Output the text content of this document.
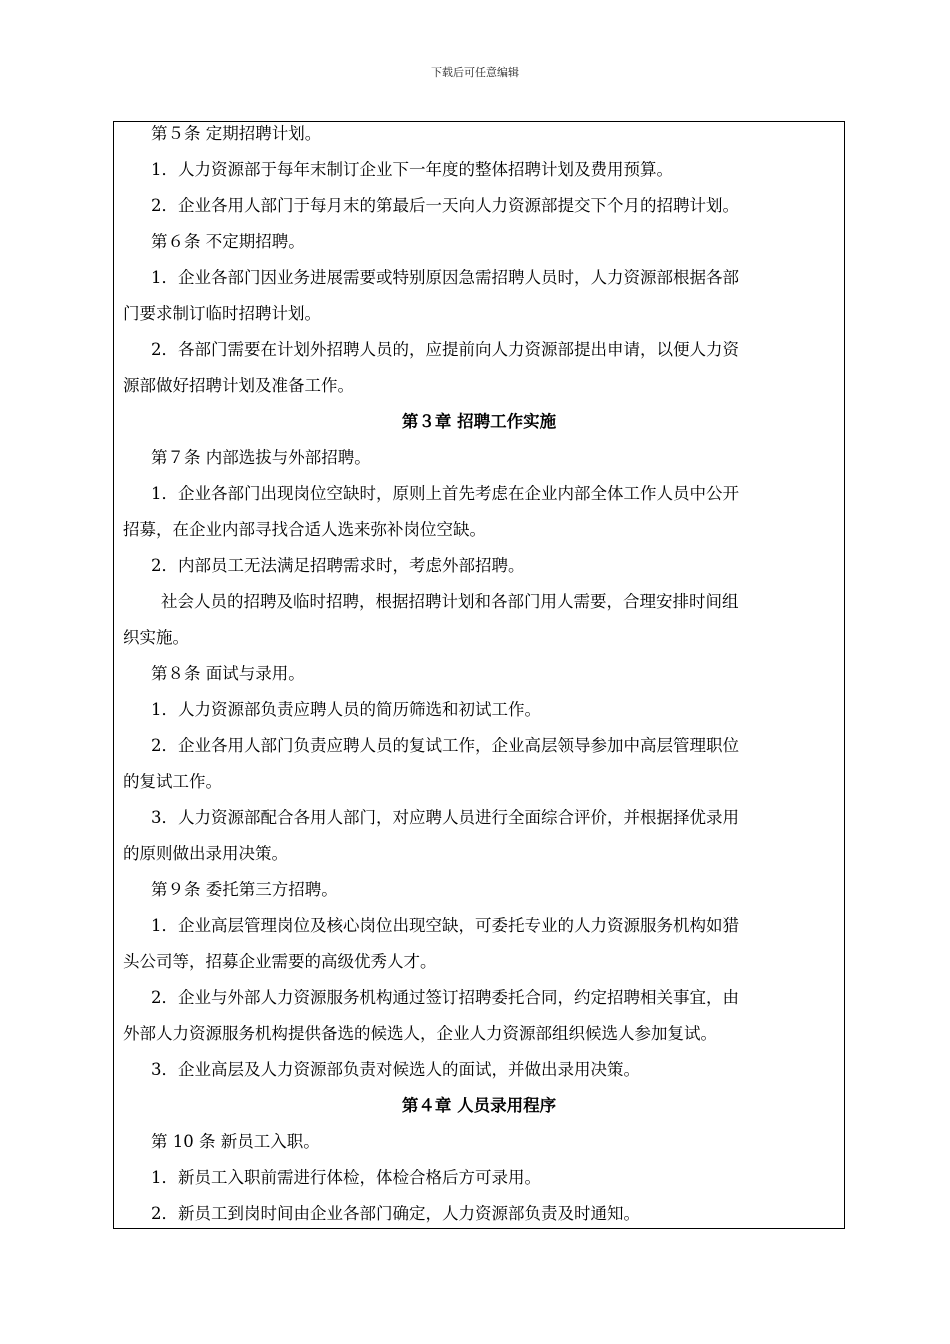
下载后可任意编辑
第５条 定期招聘计划。
1．人力资源部于每年末制订企业下一年度的整体招聘计划及费用预算。
2．企业各用人部门于每月末的第最后一天向人力资源部提交下个月的招聘计划。
第６条 不定期招聘。
1．企业各部门因业务进展需要或特别原因急需招聘人员时，人力资源部根据各部
门要求制订临时招聘计划。
2．各部门需要在计划外招聘人员的，应提前向人力资源部提出申请，以便人力资
源部做好招聘计划及准备工作。
第３章 招聘工作实施
第７条 内部选拔与外部招聘。
1．企业各部门出现岗位空缺时，原则上首先考虑在企业内部全体工作人员中公开
招募，在企业内部寻找合适人选来弥补岗位空缺。
2．内部员工无法满足招聘需求时，考虑外部招聘。
社会人员的招聘及临时招聘，根据招聘计划和各部门用人需要，合理安排时间组
织实施。
第８条 面试与录用。
1．人力资源部负责应聘人员的简历筛选和初试工作。
2．企业各用人部门负责应聘人员的复试工作，企业高层领导参加中高层管理职位
的复试工作。
3．人力资源部配合各用人部门，对应聘人员进行全面综合评价，并根据择优录用
的原则做出录用决策。
第９条 委托第三方招聘。
1．企业高层管理岗位及核心岗位出现空缺，可委托专业的人力资源服务机构如猎
头公司等，招募企业需要的高级优秀人才。
2．企业与外部人力资源服务机构通过签订招聘委托合同，约定招聘相关事宜，由
外部人力资源服务机构提供备选的候选人，企业人力资源部组织候选人参加复试。
3．企业高层及人力资源部负责对候选人的面试，并做出录用决策。
第４章 人员录用程序
第 10 条 新员工入职。
1．新员工入职前需进行体检，体检合格后方可录用。
2．新员工到岗时间由企业各部门确定，人力资源部负责及时通知。
